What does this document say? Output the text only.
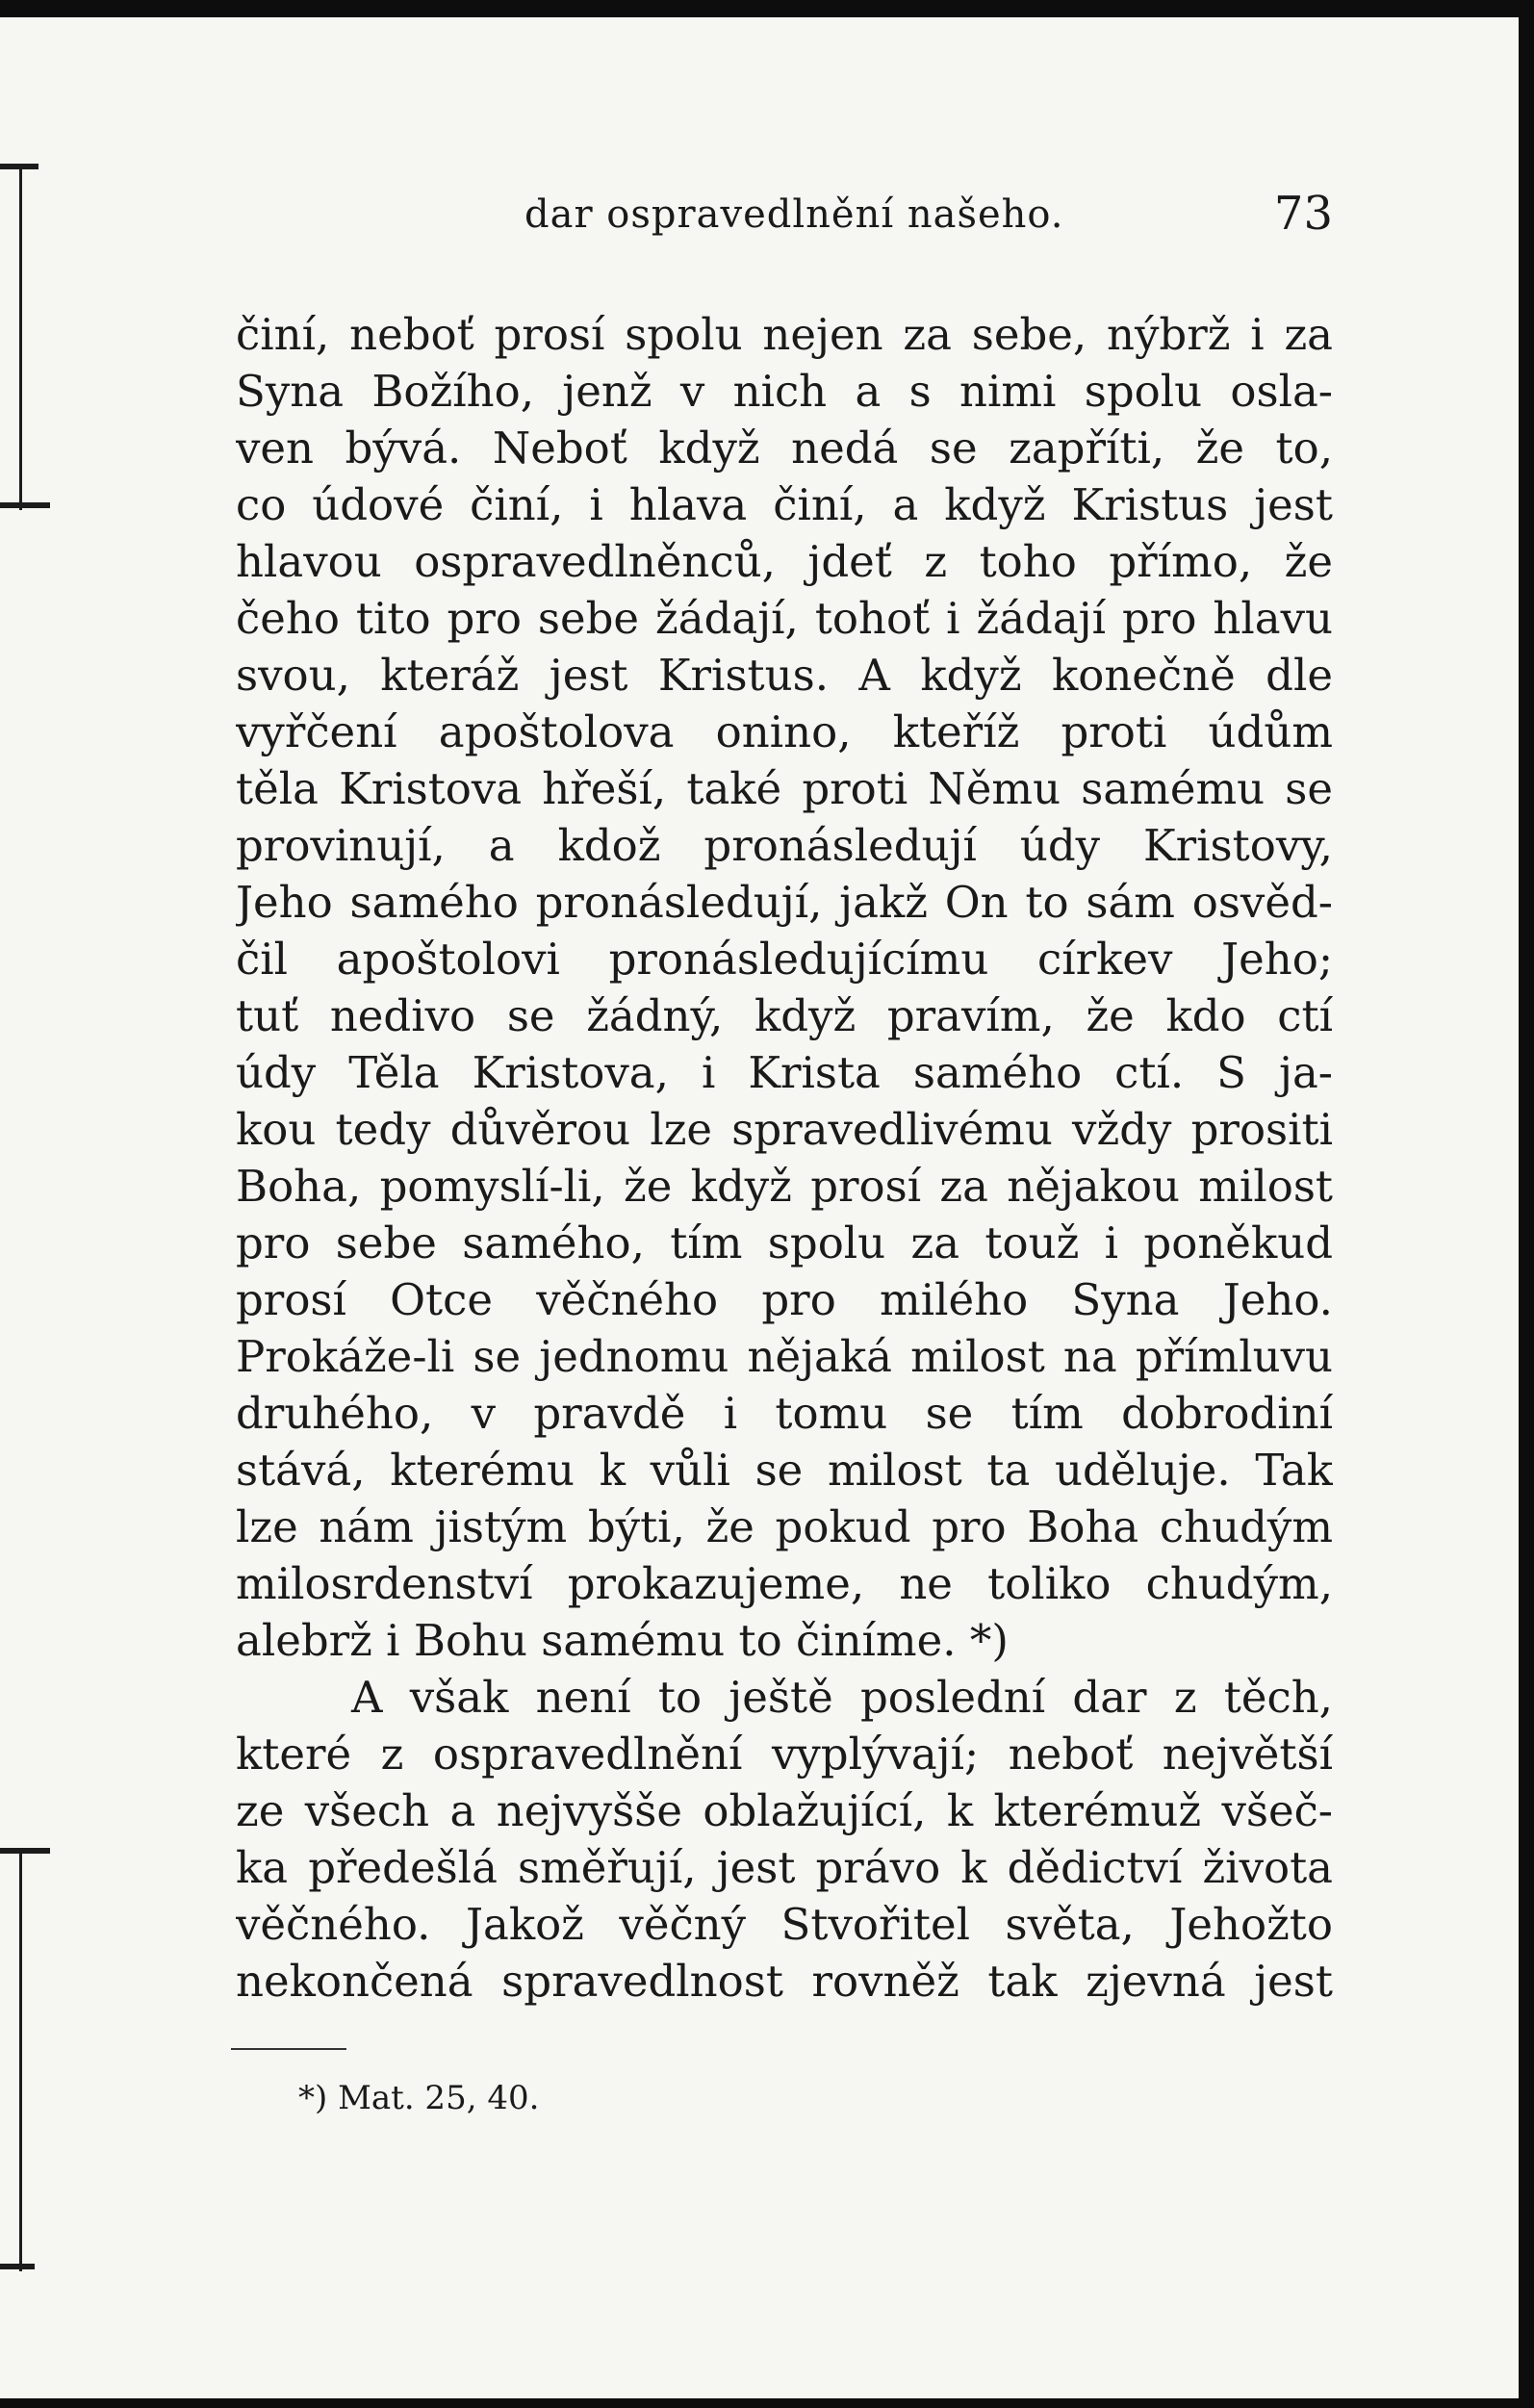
dar ospravedlnění našeho.	73
činí, neboť prosí spolu nejen za sebe, nýbrž i za
Syna Božího, jenž v nich a s nimi spolu osla-
ven bývá. Neboť když nedá se zapříti, že to,
co údové činí, i hlava činí, a když Kristus jest
hlavou ospravedlněnců, jdeť z toho přímo, že
čeho tito pro sebe žádají, tohoť i žádají pro hlavu
svou, kteráž jest Kristus. A když konečně dle
vyřčení apoštolova onino, kteříž proti údům
těla Kristova hřeší, také proti Němu samému se
provinují, a kdož pronásledují údy Kristovy,
Jeho samého pronásledují, jakž On to sám osvěd-
čil apoštolovi pronásledujícímu církev Jeho;
tuť nedivo se žádný, když pravím, že kdo ctí
údy Těla Kristova, i Krista samého ctí. S ja-
kou tedy důvěrou lze spravedlivému vždy prositi
Boha, pomyslí-li, že když prosí za nějakou milost
pro sebe samého, tím spolu za touž i poněkud
prosí Otce věčného pro milého Syna Jeho.
Prokáže-li se jednomu nějaká milost na přímluvu
druhého, v pravdě i tomu se tím dobrodiní
stává, kterému k vůli se milost ta uděluje. Tak
lze nám jistým býti, že pokud pro Boha chudým
milosrdenství prokazujeme, ne toliko chudým,
alebrž i Bohu samému to činíme. *)
A však není to ještě poslední dar z těch,
které z ospravedlnění vyplývají; neboť největší
ze všech a nejvyšše oblažující, k kterémuž všeč-
ka předešlá směřují, jest právo k dědictví života
věčného. Jakož věčný Stvořitel světa, Jehožto
nekončená spravedlnost rovněž tak zjevná jest
*) Mat. 25, 40.
